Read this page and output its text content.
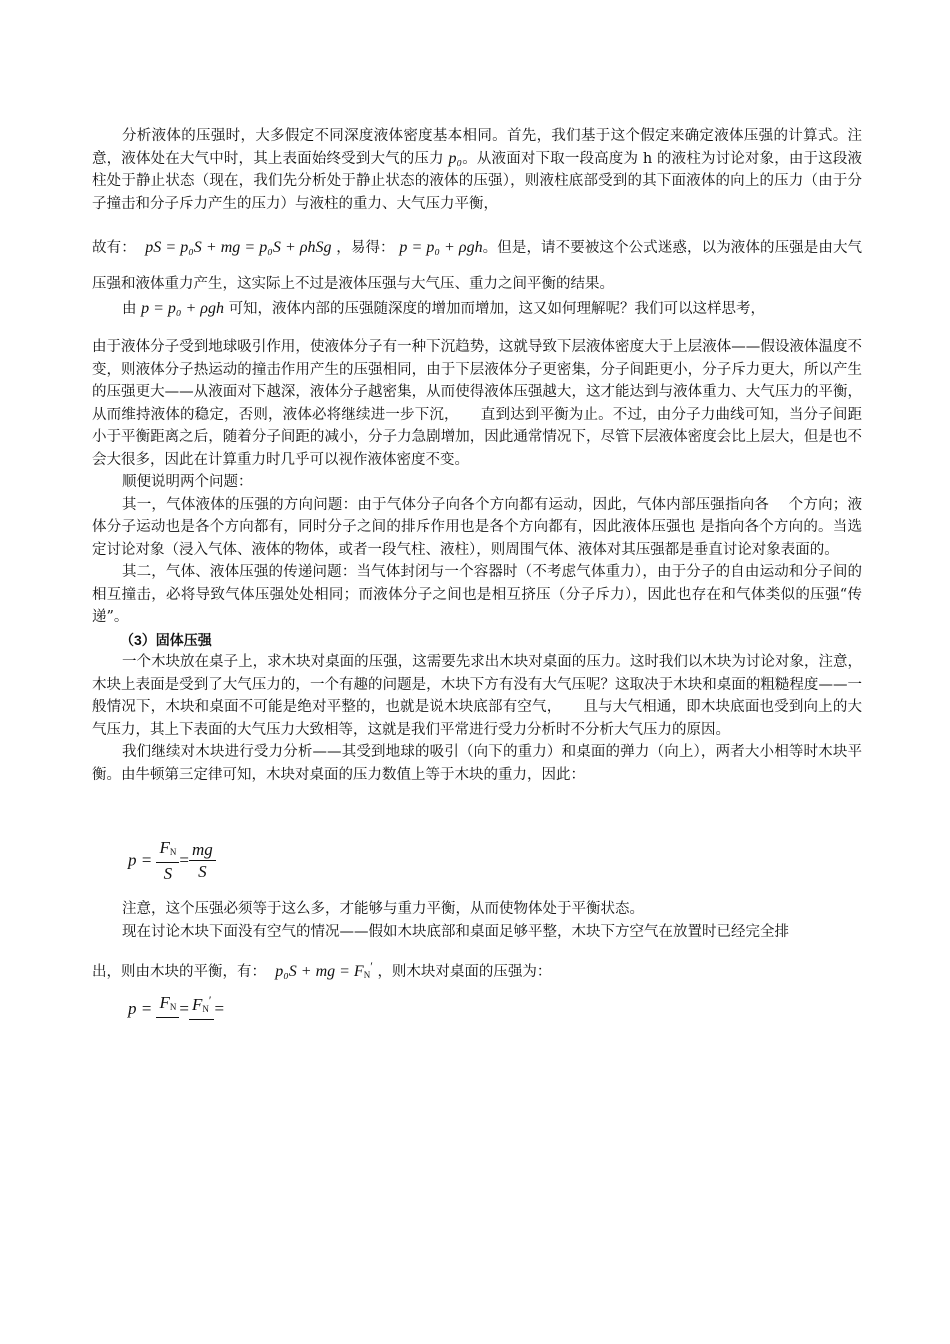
分析液体的压强时，大多假定不同深度液体密度基本相同。首先，我们基于这个假定来确定液体压强的计算式。注意，液体处在大气中时，其上表面始终受到大气的压力 p₀。从液面对下取一段高度为 h 的液柱为讨论对象，由于这段液柱处于静止状态（现在，我们先分析处于静止状态的液体的压强），则液柱底部受到的其下面液体的向上的压力（由于分子撞击和分子斥力产生的压力）与液柱的重力、大气压力平衡，

故有： pS = p₀S + mg = p₀S + ρhSg ，易得： p = p₀ + ρgh。但是，请不要被这个公式迷惑，以为液体的压强是由大气压强和液体重力产生，这实际上不过是液体压强与大气压、重力之间平衡的结果。

由 p = p₀ + ρgh 可知，液体内部的压强随深度的增加而增加，这又如何理解呢？我们可以这样思考，

由于液体分子受到地球吸引作用，使液体分子有一种下沉趋势，这就导致下层液体密度大于上层液体——假设液体温度不变，则液体分子热运动的撞击作用产生的压强相同，由于下层液体分子更密集，分子间距更小，分子斥力更大，所以产生的压强更大——从液面对下越深，液体分子越密集，从而使得液体压强越大，这才能达到与液体重力、大气压力的平衡，从而维持液体的稳定，否则，液体必将继续进一步下沉，　　直到达到平衡为止。不过，由分子力曲线可知，当分子间距小于平衡距离之后，随着分子间距的减小，分子力急剧增加，因此通常情况下，尽管下层液体密度会比上层大，但是也不会大很多，因此在计算重力时几乎可以视作液体密度不变。

顺便说明两个问题：

其一，气体液体的压强的方向问题：由于气体分子向各个方向都有运动，因此，气体内部压强指向各　 个方向；液体分子运动也是各个方向都有，同时分子之间的排斥作用也是各个方向都有，因此液体压强也 是指向各个方向的。当选定讨论对象（浸入气体、液体的物体，或者一段气柱、液柱），则周围气体、液体对其压强都是垂直讨论对象表面的。

其二，气体、液体压强的传递问题：当气体封闭与一个容器时（不考虑气体重力），由于分子的自由运动和分子间的相互撞击，必将导致气体压强处处相同；而液体分子之间也是相互挤压（分子斥力），因此也存在和气体类似的压强“传递”。

（3）固体压强

一个木块放在桌子上，求木块对桌面的压强，这需要先求出木块对桌面的压力。这时我们以木块为讨论对象，注意，木块上表面是受到了大气压力的，一个有趣的问题是，木块下方有没有大气压呢？这取决于木块和桌面的粗糙程度——一般情况下，木块和桌面不可能是绝对平整的，也就是说木块底部有空气，　　且与大气相通，即木块底面也受到向上的大气压力，其上下表面的大气压力大致相等，这就是我们平常进行受力分析时不分析大气压力的原因。

我们继续对木块进行受力分析——其受到地球的吸引（向下的重力）和桌面的弹力（向上），两者大小相等时木块平衡。由牛顿第三定律可知，木块对桌面的压力数值上等于木块的重力，因此：

$p = \frac{F_N}{S} = \frac{mg}{S}$

注意，这个压强必须等于这么多，才能够与重力平衡，从而使物体处于平衡状态。

现在讨论木块下面没有空气的情况——假如木块底部和桌面足够平整，木块下方空气在放置时已经完全排

出，则由木块的平衡，有： p₀S + mg = FN′ ，则木块对桌面的压强为：

$p = F_N = F_N'$ =
